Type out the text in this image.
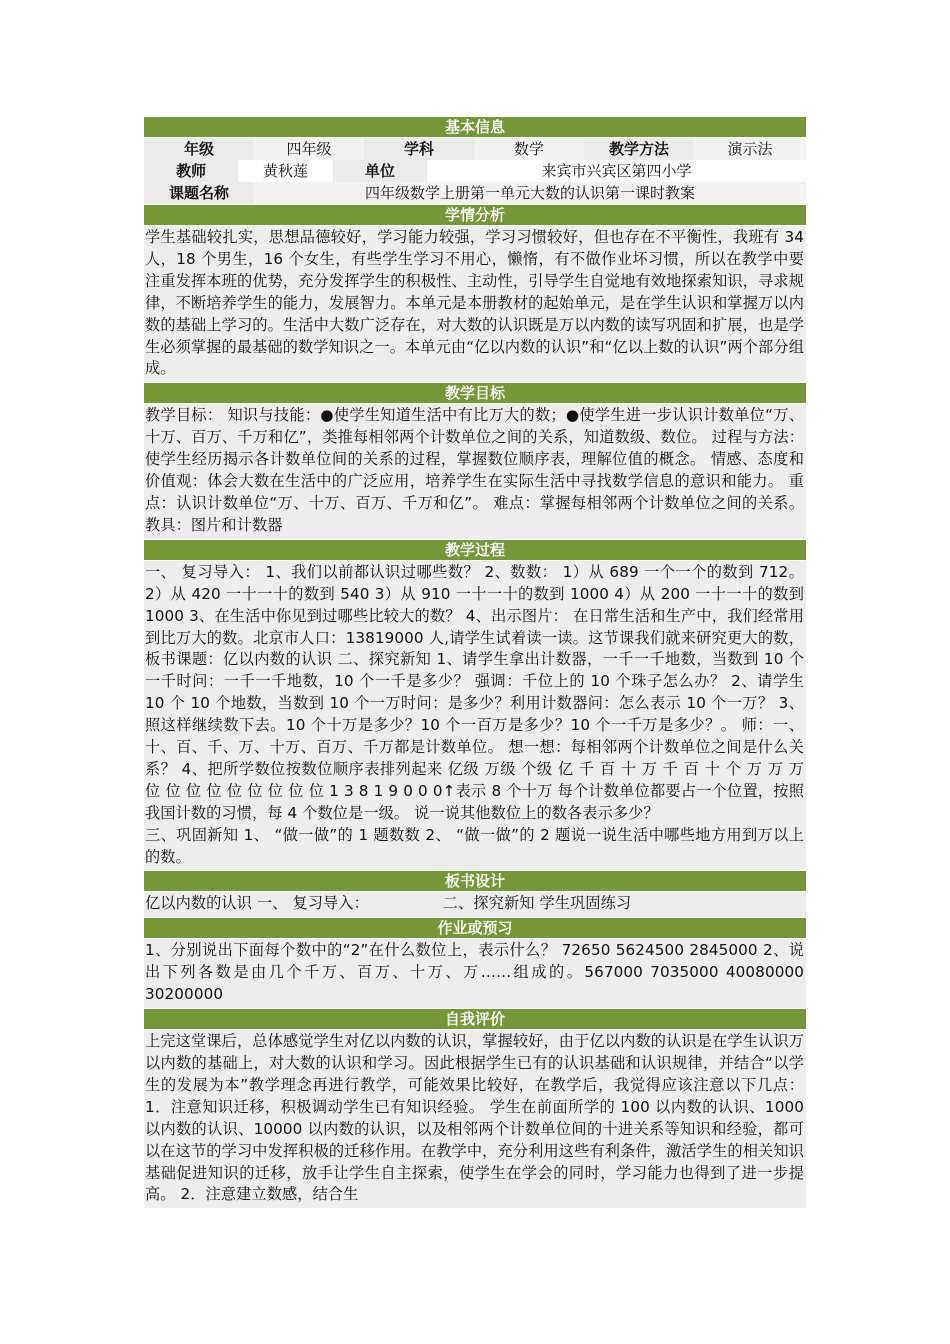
基本信息
年级	四年级	学科	数学	教学方法	演示法
教师	黄秋莲	单位	来宾市兴宾区第四小学
课题名称	四年级数学上册第一单元大数的认识第一课时教案
学情分析

学生基础较扎实，思想品德较好，学习能力较强，学习习惯较好，但也存在不平衡性，我班有 34 人，18 个男生，16 个女生，有些学生学习不用心，懒惰，有不做作业坏习惯，所以在教学中要注重发挥本班的优势，充分发挥学生的积极性、主动性，引导学生自觉地有效地探索知识，寻求规律，不断培养学生的能力，发展智力。本单元是本册教材的起始单元，是在学生认识和掌握万以内数的基础上学习的。生活中大数广泛存在，对大数的认识既是万以内数的读写巩固和扩展，也是学生必须掌握的最基础的数学知识之一。本单元由“亿以内数的认识”和“亿以上数的认识”两个部分组成。

教学目标

教学目标： 知识与技能：●使学生知道生活中有比万大的数；●使学生进一步认识计数单位“万、十万、百万、千万和亿”，类推每相邻两个计数单位之间的关系，知道数级、数位。 过程与方法：使学生经历揭示各计数单位间的关系的过程，掌握数位顺序表，理解位值的概念。 情感、态度和价值观：体会大数在生活中的广泛应用，培养学生在实际生活中寻找数学信息的意识和能力。 重点：认识计数单位“万、十万、百万、千万和亿”。 难点：掌握每相邻两个计数单位之间的关系。 教具：图片和计数器

教学过程

一、 复习导入： 1、我们以前都认识过哪些数？ 2、数数： 1）从 689 一个一个的数到 712。 2）从 420 一十一十的数到 540 3）从 910 一十一十的数到 1000 4）从 200 一十一十的数到 1000 3、在生活中你见到过哪些比较大的数？ 4、出示图片： 在日常生活和生产中，我们经常用到比万大的数。北京市人口：13819000 人,请学生试着读一读。这节课我们就来研究更大的数，板书课题：亿以内数的认识 二、探究新知 1、请学生拿出计数器，一千一千地数，当数到 10 个一千时问：一千一千地数，10 个一千是多少？ 强调：千位上的 10 个珠子怎么办？ 2、请学生 10 个 10 个地数，当数到 10 个一万时问：是多少？利用计数器问：怎么表示 10 个一万？ 3、照这样继续数下去。10 个十万是多少？10 个一百万是多少？10 个一千万是多少？。 师：一、十、百、千、万、十万、百万、千万都是计数单位。 想一想：每相邻两个计数单位之间是什么关系？ 4、把所学数位按数位顺序表排列起来 亿级 万级 个级 亿 千 百 十 万 千 百 十 个 万 万 万 位 位 位 位 位 位 位 位 位 1 3 8 1 9 0 0 0↑表示 8 个十万 每个计数单位都要占一个位置，按照我国计数的习惯，每 4 个数位是一级。 说一说其他数位上的数各表示多少？

三、巩固新知 1、 “做一做”的 1 题数数 2、 “做一做”的 2 题说一说生活中哪些地方用到万以上的数。

板书设计

亿以内数的认识 一、 复习导入：               二、探究新知 学生巩固练习

作业或预习

1、分别说出下面每个数中的“2”在什么数位上，表示什么？ 72650 5624500 2845000 2、说出下列各数是由几个千万、百万、十万、万……组成的。567000 7035000 40080000 30200000

自我评价

上完这堂课后，总体感觉学生对亿以内数的认识，掌握较好，由于亿以内数的认识是在学生认识万以内数的基础上，对大数的认识和学习。因此根据学生已有的认识基础和认识规律，并结合“以学生的发展为本”教学理念再进行教学，可能效果比较好，在教学后，我觉得应该注意以下几点： 1．注意知识迁移，积极调动学生已有知识经验。 学生在前面所学的 100 以内数的认识、1000 以内数的认识、10000 以内数的认识，以及相邻两个计数单位间的十进关系等知识和经验，都可以在这节的学习中发挥积极的迁移作用。在教学中，充分利用这些有利条件，激活学生的相关知识基础促进知识的迁移，放手让学生自主探索，使学生在学会的同时，学习能力也得到了进一步提高。 2．注意建立数感，结合生
